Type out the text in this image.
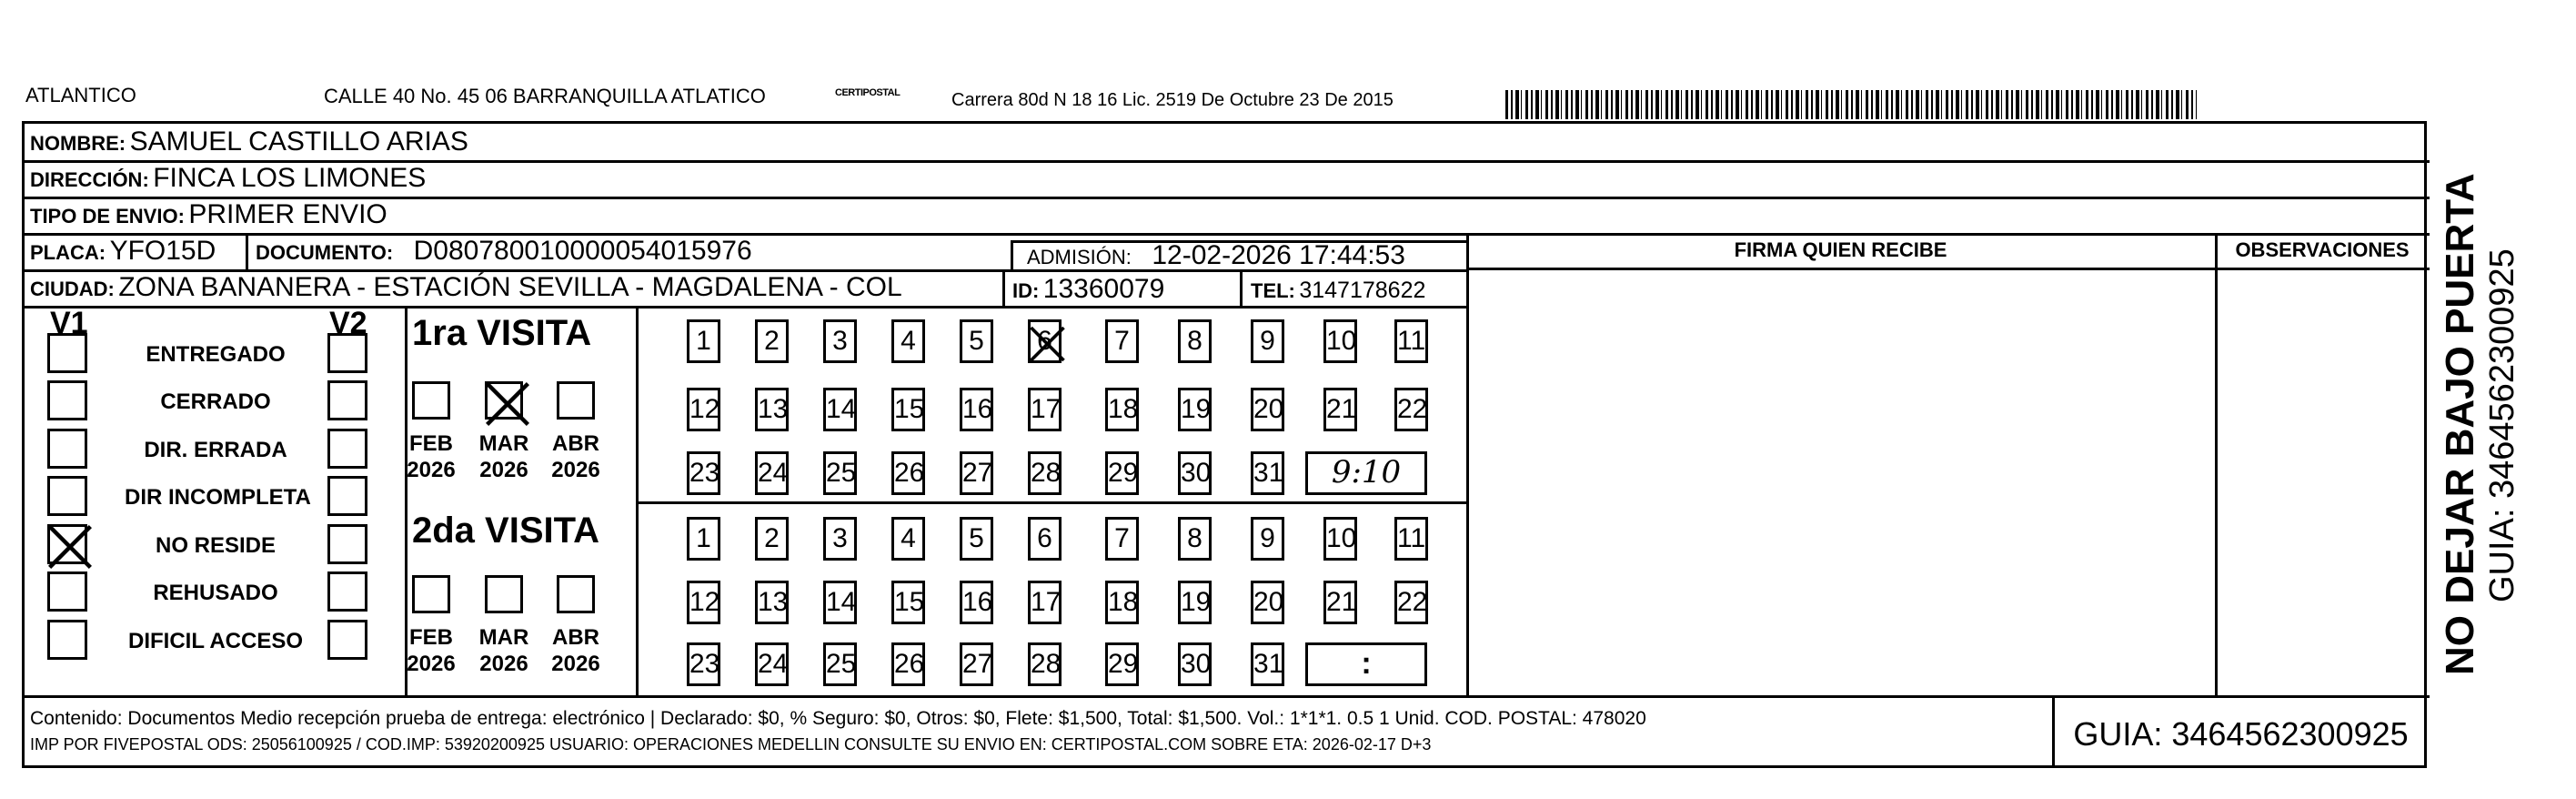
ATLANTICO	CALLE 40 No. 45 06 BARRANQUILLA ATLATICO	CERTIPOSTAL	Carrera 80d N 18 16 Lic. 2519 De Octubre 23 De 2015
NOMBRE: SAMUEL CASTILLO ARIAS
DIRECCIÓN: FINCA LOS LIMONES
TIPO DE ENVIO: PRIMER ENVIO
FIRMA QUIEN RECIBE	OBSERVACIONES
PLACA: YFO15D DOCUMENTO: D080780010000054015976	ADMISIÓN: 12-02-2026 17:44:53
CIUDAD: ZONA BANANERA - ESTACIÓN SEVILLA - MAGDALENA - COL	ID: 13360079	TEL: 3147178622
V1	V2
ENTREGADO
CERRADO
DIR. ERRADA
DIR INCOMPLETA
NO RESIDE
REHUSADO
DIFICIL ACCESO
1ra VISITA
FEB
2026
MAR
2026
ABR
2026
1	2	3	4	5	6	7	8	9	10 11
12 13 14 15 16 17 18 19 20 21 22
23 24 25 26 27 28 29 30 31	9:10
2da VISITA
FEB
2026
MAR
2026
ABR
2026
1	2	3	4	5	6	7	8	9	10 11
12 13 14 15 16 17 18 19 20 21 22
23 24 25 26 27 28 29 30 31	:
Contenido: Documentos Medio recepción prueba de entrega: electrónico | Declarado: $0, % Seguro: $0, Otros: $0, Flete: $1,500, Total: $1,500. Vol.: 1*1*1. 0.5 1 Unid. COD. POSTAL: 478020
IMP POR FIVEPOSTAL ODS: 25056100925 / COD.IMP: 53920200925 USUARIO: OPERACIONES MEDELLIN CONSULTE SU ENVIO EN: CERTIPOSTAL.COM SOBRE ETA: 2026-02-17 D+3	GUIA: 3464562300925
NO DEJAR BAJO PUERTA GUIA: 3464562300925
